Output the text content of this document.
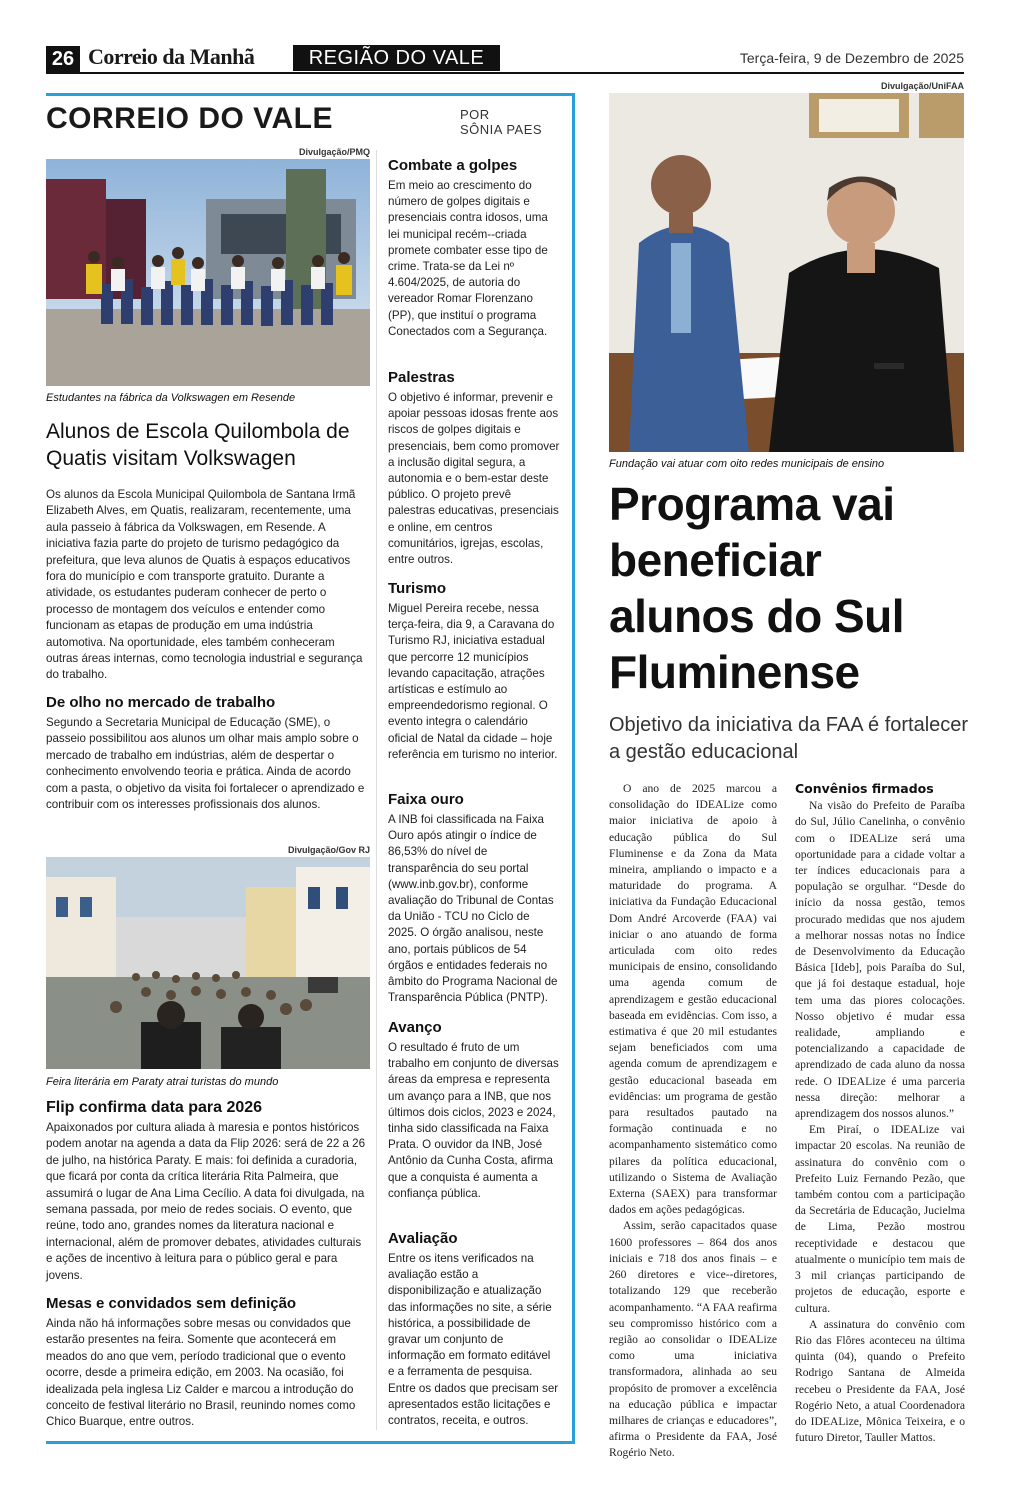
26 Correio da Manhã	REGIÃO DO VALE	Terça-feira, 9 de Dezembro de 2025
CORREIO DO VALE	POR
SÔNIA PAES
Divulgação/PMQ
Estudantes na fábrica da Volkswagen em Resende
Alunos de Escola Quilombola de Quatis visitam Volkswagen
Os alunos da Escola Municipal Quilombola de Santana Irmã Elizabeth Alves, em Quatis, realizaram, recentemente, uma aula passeio à fábrica da Volkswagen, em Resende. A iniciativa fazia parte do projeto de turismo pedagógico da prefeitura, que leva alunos de Quatis à espaços educativos fora do município e com transporte gratuito. Durante a atividade, os estudantes puderam conhecer de perto o processo de montagem dos veículos e entender como funcionam as etapas de produção em uma indústria automotiva. Na oportunidade, eles também conheceram outras áreas internas, como tecnologia industrial e segurança do trabalho.
De olho no mercado de trabalho
Segundo a Secretaria Municipal de Educação (SME), o passeio possibilitou aos alunos um olhar mais amplo sobre o mercado de trabalho em indústrias, além de despertar o conhecimento envolvendo teoria e prática. Ainda de acordo com a pasta, o objetivo da visita foi fortalecer o aprendizado e contribuir com os interesses profissionais dos alunos.
Divulgação/Gov RJ
Feira literária em Paraty atrai turistas do mundo
Flip confirma data para 2026
Apaixonados por cultura aliada à maresia e pontos históricos podem anotar na agenda a data da Flip 2026: será de 22 a 26 de julho, na histórica Paraty. E mais: foi definida a curadoria, que ficará por conta da crítica literária Rita Palmeira, que assumirá o lugar de Ana Lima Cecílio. A data foi divulgada, na semana passada, por meio de redes sociais. O evento, que reúne, todo ano, grandes nomes da literatura nacional e internacional, além de promover debates, atividades culturais e ações de incentivo à leitura para o público geral e para jovens.
Mesas e convidados sem definição
Ainda não há informações sobre mesas ou convidados que estarão presentes na feira. Somente que acontecerá em meados do ano que vem, período tradicional que o evento ocorre, desde a primeira edição, em 2003. Na ocasião, foi idealizada pela inglesa Liz Calder e marcou a introdução do conceito de festival literário no Brasil, reunindo nomes como Chico Buarque, entre outros.
Combate a golpes
Em meio ao crescimento do número de golpes digitais e presenciais contra idosos, uma lei municipal recém--criada promete combater esse tipo de crime. Trata-se da Lei nº 4.604/2025, de autoria do vereador Romar Florenzano (PP), que instituí o programa Conectados com a Segurança.
Palestras
O objetivo é informar, prevenir e apoiar pessoas idosas frente aos riscos de golpes digitais e presenciais, bem como promover a inclusão digital segura, a autonomia e o bem-estar deste público. O projeto prevê palestras educativas, presenciais e online, em centros comunitários, igrejas, escolas, entre outros.
Turismo
Miguel Pereira recebe, nessa terça-feira, dia 9, a Caravana do Turismo RJ, iniciativa estadual que percorre 12 municípios levando capacitação, atrações artísticas e estímulo ao empreendedorismo regional. O evento integra o calendário oficial de Natal da cidade – hoje referência em turismo no interior.
Faixa ouro
A INB foi classificada na Faixa Ouro após atingir o índice de 86,53% do nível de transparência do seu portal (www.inb.gov.br), conforme avaliação do Tribunal de Contas da União - TCU no Ciclo de 2025. O órgão analisou, neste ano, portais públicos de 54 órgãos e entidades federais no âmbito do Programa Nacional de Transparência Pública (PNTP).
Avanço
O resultado é fruto de um trabalho em conjunto de diversas áreas da empresa e representa um avanço para a INB, que nos últimos dois ciclos, 2023 e 2024, tinha sido classificada na Faixa Prata. O ouvidor da INB, José Antônio da Cunha Costa, afirma que a conquista é aumenta a confiança pública.
Avaliação
Entre os itens verificados na avaliação estão a disponibilização e atualização das informações no site, a série histórica, a possibilidade de gravar um conjunto de informação em formato editável e a ferramenta de pesquisa. Entre os dados que precisam ser apresentados estão licitações e contratos, receita, e outros.
Divulgação/UniFAA
Fundação vai atuar com oito redes municipais de ensino
Programa vai beneficiar alunos do Sul Fluminense
Objetivo da iniciativa da FAA é fortalecer a gestão educacional

O ano de 2025 marcou a consolidação do IDEALize como maior iniciativa de apoio à educação pública do Sul Fluminense e da Zona da Mata mineira, ampliando o impacto e a maturidade do programa. A iniciativa da Fundação Educacional Dom André Arcoverde (FAA) vai iniciar o ano atuando de forma articulada com oito redes municipais de ensino, consolidando uma agenda comum de aprendizagem e gestão educacional baseada em evidências. Com isso, a estimativa é que 20 mil estudantes sejam beneficiados com uma agenda comum de aprendizagem e gestão educacional baseada em evidências: um programa de gestão para resultados pautado na formação continuada e no acompanhamento sistemático como pilares da política educacional, utilizando o Sistema de Avaliação Externa (SAEX) para transformar dados em ações pedagógicas.

Assim, serão capacitados quase 1600 professores – 864 dos anos iniciais e 718 dos anos finais – e 260 diretores e vice--diretores, totalizando 129 que receberão acompanhamento. “A FAA reafirma seu compromisso histórico com a região ao consolidar o IDEALize como uma iniciativa transformadora, alinhada ao seu propósito de promover a excelência na educação pública e impactar milhares de crianças e educadores”, afirma o Presidente da FAA, José Rogério Neto.

Convênios firmados

Na visão do Prefeito de Paraíba do Sul, Júlio Canelinha, o convênio com o IDEALize será uma oportunidade para a cidade voltar a ter índices educacionais para a população se orgulhar. “Desde do início da nossa gestão, temos procurado medidas que nos ajudem a melhorar nossas notas no Índice de Desenvolvimento da Educação Básica [Ideb], pois Paraíba do Sul, que já foi destaque estadual, hoje tem uma das piores colocações. Nosso objetivo é mudar essa realidade, ampliando e potencializando a capacidade de aprendizado de cada aluno da nossa rede. O IDEALize é uma parceria nessa direção: melhorar a aprendizagem dos nossos alunos.”

Em Piraí, o IDEALize vai impactar 20 escolas. Na reunião de assinatura do convênio com o Prefeito Luiz Fernando Pezão, que também contou com a participação da Secretária de Educação, Jucielma de Lima, Pezão mostrou receptividade e destacou que atualmente o município tem mais de 3 mil crianças participando de projetos de educação, esporte e cultura.

A assinatura do convênio com Rio das Flôres aconteceu na última quinta (04), quando o Prefeito Rodrigo Santana de Almeida recebeu o Presidente da FAA, José Rogério Neto, a atual Coordenadora do IDEALize, Mônica Teixeira, e o futuro Diretor, Tauller Mattos.
